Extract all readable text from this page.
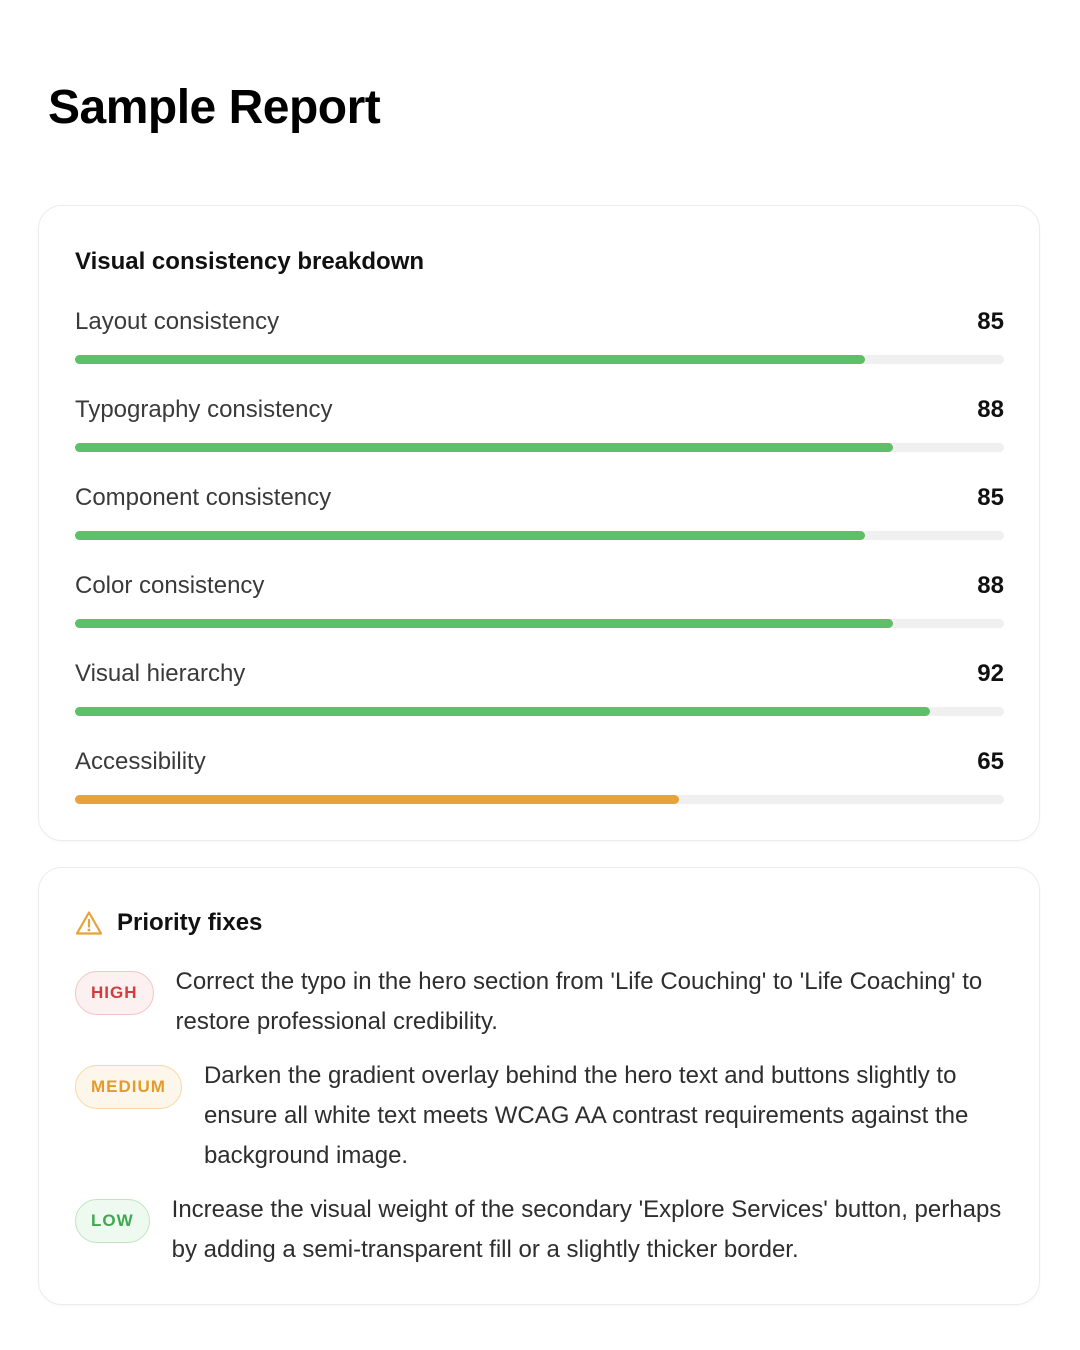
Sample Report
Visual consistency breakdown
Layout consistency	85
Typography consistency	88
Component consistency	85
Color consistency	88
Visual hierarchy	92
Accessibility	65
Priority fixes
HIGH	Correct the typo in the hero section from 'Life Couching' to 'Life Coaching' to restore professional credibility.

MEDIUM	Darken the gradient overlay behind the hero text and buttons slightly to ensure all white text meets WCAG AA contrast requirements against the background image.

LOW	Increase the visual weight of the secondary 'Explore Services' button, perhaps by adding a semi-transparent fill or a slightly thicker border.
